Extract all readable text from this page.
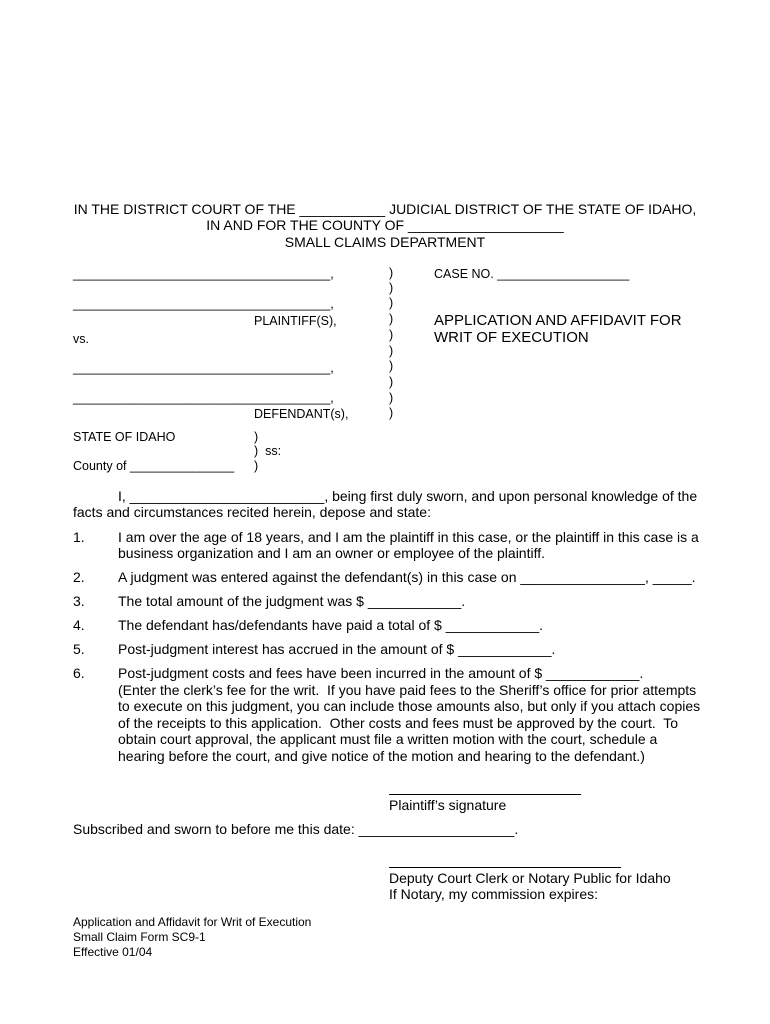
IN THE DISTRICT COURT OF THE ___________ JUDICIAL DISTRICT OF THE STATE OF IDAHO,
IN AND FOR THE COUNTY OF ____________________
SMALL CLAIMS DEPARTMENT
_____________________________________,
_____________________________________,
PLAINTIFF(S),
vs.
_____________________________________,
_____________________________________,
DEFENDANT(s),
)
)
)
)
)
)
)
)
)
)
CASE NO. ___________________
APPLICATION AND AFFIDAVIT FOR
WRIT OF EXECUTION
STATE OF IDAHO
County of _______________
)
)  ss:
)
I, _________________________, being first duly sworn, and upon personal knowledge of the
facts and circumstances recited herein, depose and state:
1. I am over the age of 18 years, and I am the plaintiff in this case, or the plaintiff in this case is a
business organization and I am an owner or employee of the plaintiff.
2. A judgment was entered against the defendant(s) in this case on ________________, _____.
3. The total amount of the judgment was $ ____________.
4. The defendant has/defendants have paid a total of $ ____________.
5. Post-judgment interest has accrued in the amount of $ ____________.
6. Post-judgment costs and fees have been incurred in the amount of $ ____________.
(Enter the clerk’s fee for the writ.  If you have paid fees to the Sheriff’s office for prior attempts
to execute on this judgment, you can include those amounts also, but only if you attach copies
of the receipts to this application.  Other costs and fees must be approved by the court.  To
obtain court approval, the applicant must file a written motion with the court, schedule a
hearing before the court, and give notice of the motion and hearing to the defendant.)
Plaintiff’s signature
Subscribed and sworn to before me this date: ____________________.
Deputy Court Clerk or Notary Public for Idaho
If Notary, my commission expires:
Application and Affidavit for Writ of Execution
Small Claim Form SC9-1
Effective 01/04
